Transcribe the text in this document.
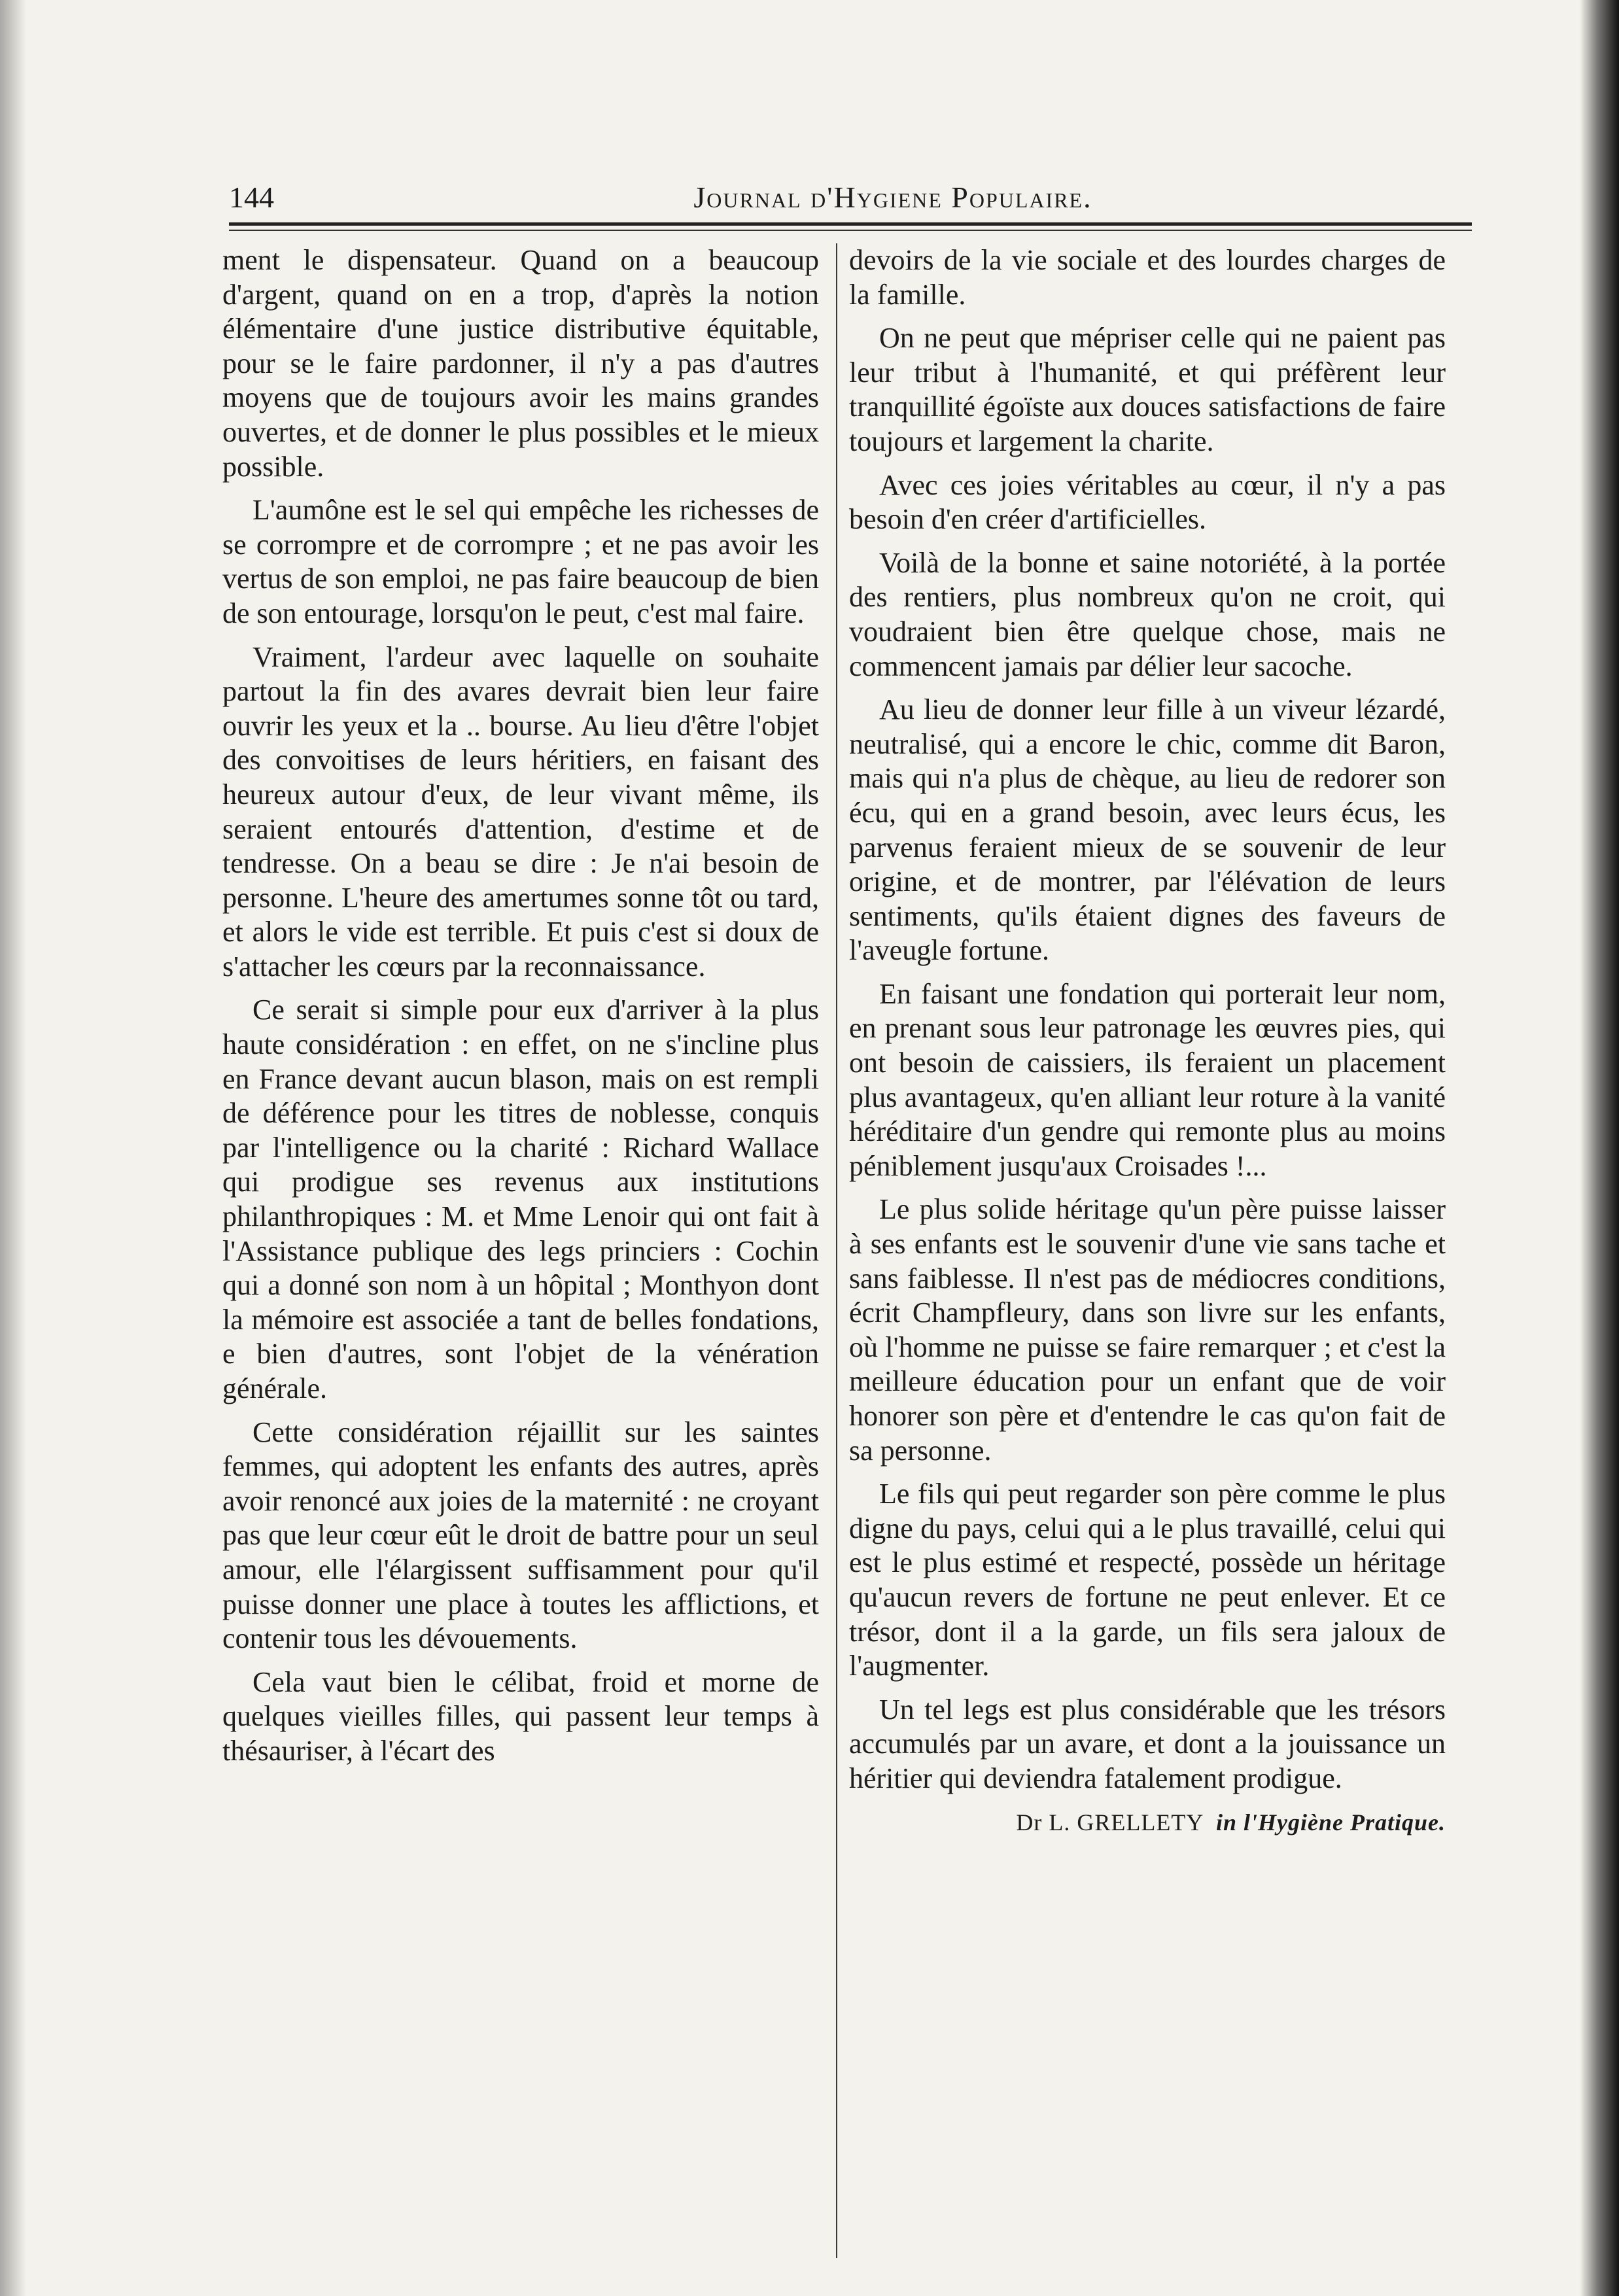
144	Journal d'Hygiene Populaire.

ment le dispensateur. Quand on a beaucoup d'argent, quand on en a trop, d'après la notion élémentaire d'une justice distributive équitable, pour se le faire pardonner, il n'y a pas d'autres moyens que de toujours avoir les mains grandes ouvertes, et de donner le plus possibles et le mieux possible.

L'aumône est le sel qui empêche les richesses de se corrompre et de corrompre ; et ne pas avoir les vertus de son emploi, ne pas faire beaucoup de bien de son entourage, lorsqu'on le peut, c'est mal faire.

Vraiment, l'ardeur avec laquelle on souhaite partout la fin des avares devrait bien leur faire ouvrir les yeux et la .. bourse. Au lieu d'être l'objet des convoitises de leurs héritiers, en faisant des heureux autour d'eux, de leur vivant même, ils seraient entourés d'attention, d'estime et de tendresse. On a beau se dire : Je n'ai besoin de personne. L'heure des amertumes sonne tôt ou tard, et alors le vide est terrible. Et puis c'est si doux de s'attacher les cœurs par la reconnaissance.

Ce serait si simple pour eux d'arriver à la plus haute considération : en effet, on ne s'incline plus en France devant aucun blason, mais on est rempli de déférence pour les titres de noblesse, conquis par l'intelligence ou la charité : Richard Wallace qui prodigue ses revenus aux institutions philanthropiques : M. et Mme Lenoir qui ont fait à l'Assistance publique des legs princiers : Cochin qui a donné son nom à un hôpital ; Monthyon dont la mémoire est associée a tant de belles fondations, e bien d'autres, sont l'objet de la vénération générale.

Cette considération réjaillit sur les saintes femmes, qui adoptent les enfants des autres, après avoir renoncé aux joies de la maternité : ne croyant pas que leur cœur eût le droit de battre pour un seul amour, elle l'élargissent suffisamment pour qu'il puisse donner une place à toutes les afflictions, et contenir tous les dévouements.

Cela vaut bien le célibat, froid et morne de quelques vieilles filles, qui passent leur temps à thésauriser, à l'écart des

devoirs de la vie sociale et des lourdes charges de la famille.

On ne peut que mépriser celle qui ne paient pas leur tribut à l'humanité, et qui préfèrent leur tranquillité égoïste aux douces satisfactions de faire toujours et largement la charite.

Avec ces joies véritables au cœur, il n'y a pas besoin d'en créer d'artificielles.

Voilà de la bonne et saine notoriété, à la portée des rentiers, plus nombreux qu'on ne croit, qui voudraient bien être quelque chose, mais ne commencent jamais par délier leur sacoche.

Au lieu de donner leur fille à un viveur lézardé, neutralisé, qui a encore le chic, comme dit Baron, mais qui n'a plus de chèque, au lieu de redorer son écu, qui en a grand besoin, avec leurs écus, les parvenus feraient mieux de se souvenir de leur origine, et de montrer, par l'élévation de leurs sentiments, qu'ils étaient dignes des faveurs de l'aveugle fortune.

En faisant une fondation qui porterait leur nom, en prenant sous leur patronage les œuvres pies, qui ont besoin de caissiers, ils feraient un placement plus avantageux, qu'en alliant leur roture à la vanité héréditaire d'un gendre qui remonte plus au moins péniblement jusqu'aux Croisades !...

Le plus solide héritage qu'un père puisse laisser à ses enfants est le souvenir d'une vie sans tache et sans faiblesse. Il n'est pas de médiocres conditions, écrit Champfleury, dans son livre sur les enfants, où l'homme ne puisse se faire remarquer ; et c'est la meilleure éducation pour un enfant que de voir honorer son père et d'entendre le cas qu'on fait de sa personne.

Le fils qui peut regarder son père comme le plus digne du pays, celui qui a le plus travaillé, celui qui est le plus estimé et respecté, possède un héritage qu'aucun revers de fortune ne peut enlever. Et ce trésor, dont il a la garde, un fils sera jaloux de l'augmenter.

Un tel legs est plus considérable que les trésors accumulés par un avare, et dont a la jouissance un héritier qui deviendra fatalement prodigue.

Dr L. GRELLETY in l'Hygiène Pratique.
